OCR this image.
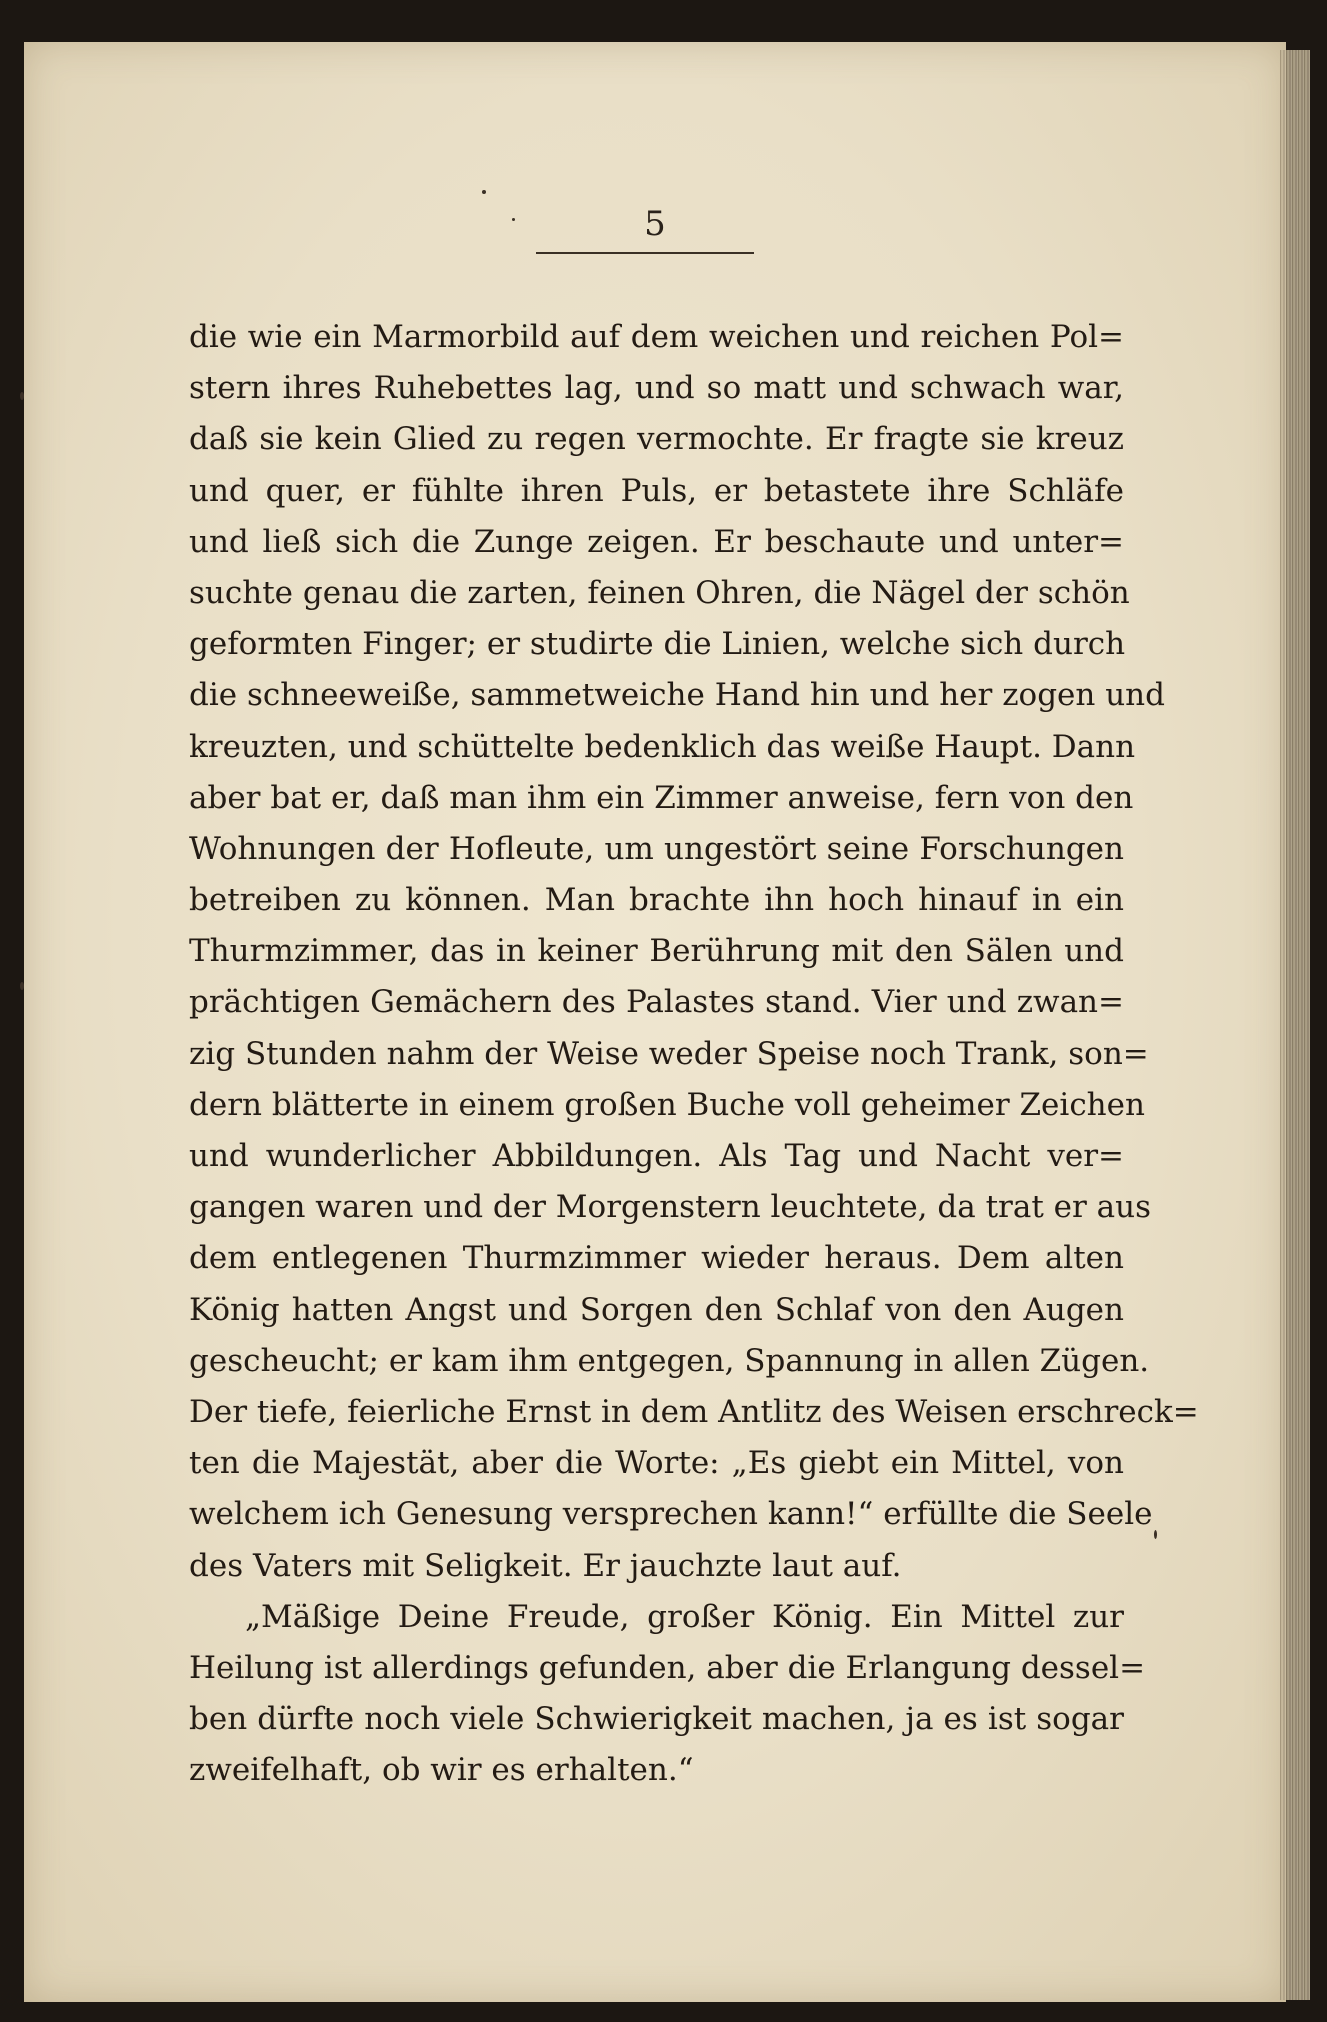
5
die wie ein Marmorbild auf dem weichen und reichen Pol=
stern ihres Ruhebettes lag, und so matt und schwach war,
daß sie kein Glied zu regen vermochte. Er fragte sie kreuz
und quer, er fühlte ihren Puls, er betastete ihre Schläfe
und ließ sich die Zunge zeigen. Er beschaute und unter=
suchte genau die zarten, feinen Ohren, die Nägel der schön
geformten Finger; er studirte die Linien, welche sich durch
die schneeweiße, sammetweiche Hand hin und her zogen und
kreuzten, und schüttelte bedenklich das weiße Haupt. Dann
aber bat er, daß man ihm ein Zimmer anweise, fern von den
Wohnungen der Hofleute, um ungestört seine Forschungen
betreiben zu können. Man brachte ihn hoch hinauf in ein
Thurmzimmer, das in keiner Berührung mit den Sälen und
prächtigen Gemächern des Palastes stand. Vier und zwan=
zig Stunden nahm der Weise weder Speise noch Trank, son=
dern blätterte in einem großen Buche voll geheimer Zeichen
und wunderlicher Abbildungen. Als Tag und Nacht ver=
gangen waren und der Morgenstern leuchtete, da trat er aus
dem entlegenen Thurmzimmer wieder heraus. Dem alten
König hatten Angst und Sorgen den Schlaf von den Augen
gescheucht; er kam ihm entgegen, Spannung in allen Zügen.
Der tiefe, feierliche Ernst in dem Antlitz des Weisen erschreck=
ten die Majestät, aber die Worte: „Es giebt ein Mittel, von
welchem ich Genesung versprechen kann!“ erfüllte die Seele
des Vaters mit Seligkeit. Er jauchzte laut auf.
„Mäßige Deine Freude, großer König. Ein Mittel zur
Heilung ist allerdings gefunden, aber die Erlangung dessel=
ben dürfte noch viele Schwierigkeit machen, ja es ist sogar
zweifelhaft, ob wir es erhalten.“
